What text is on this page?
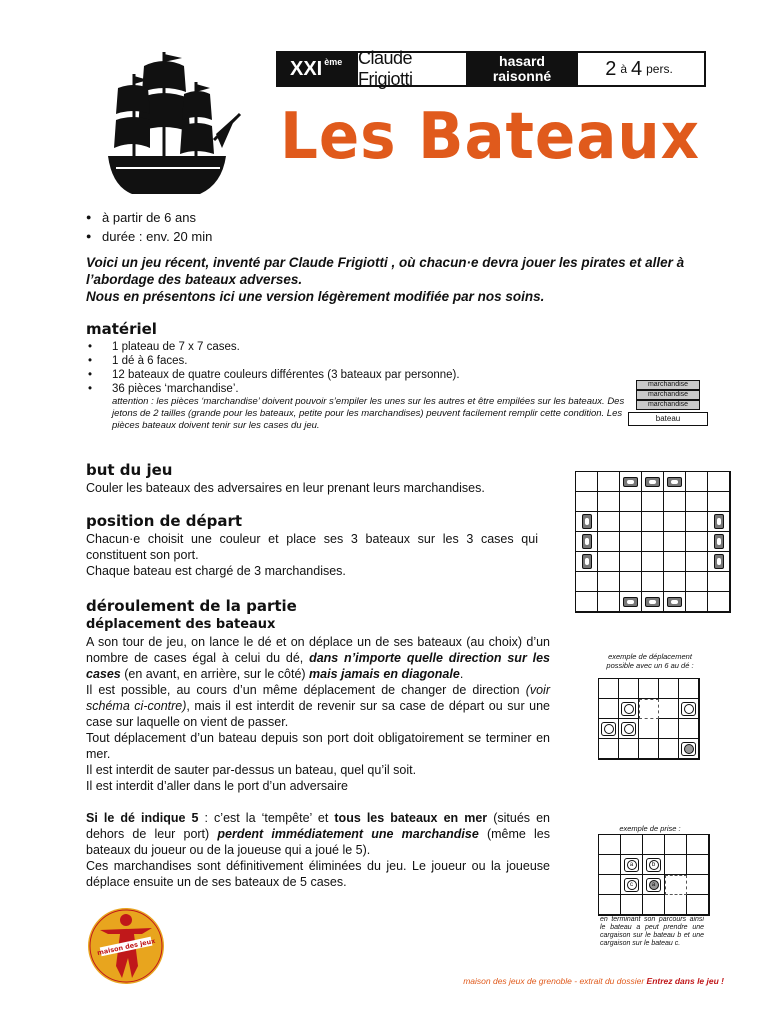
XXIème Claude Frigiotti
hasard
raisonné	2 à 4 pers.
Les Bateaux
● à partir de 6 ans
● durée : env. 20 min
Voici un jeu récent, inventé par Claude Frigiotti , où chacun·e devra jouer les pirates et aller à l’abordage des bateaux adverses.
Nous en présentons ici une version légèrement modifiée par nos soins.
matériel
• 1 plateau de 7 x 7 cases.
• 1 dé à 6 faces.
• 12 bateaux de quatre couleurs différentes (3 bateaux par personne).
• 36 pièces ‘marchandise’.
attention : les pièces ‘marchandise’ doivent pouvoir s’empiler les unes sur les autres et être empilées sur les bateaux. Des jetons de 2 tailles (grande pour les bateaux, petite pour les marchandises) peuvent facilement remplir cette condition. Les pièces bateaux doivent tenir sur les cases du jeu.
marchandise
marchandise
marchandise
bateau
but du jeu
Couler les bateaux des adversaires en leur prenant leurs marchandises.
position de départ
Chacun·e choisit une couleur et place ses 3 bateaux sur les 3 cases qui constituent son port.
Chaque bateau est chargé de 3 marchandises.
déroulement de la partie
déplacement des bateaux
A son tour de jeu, on lance le dé et on déplace un de ses bateaux (au choix) d’un nombre de cases égal à celui du dé, dans n’importe quelle direction sur les cases (en avant, en arrière, sur le côté) mais jamais en diagonale.
Il est possible, au cours d’un même déplacement de changer de direction (voir schéma ci-contre), mais il est interdit de revenir sur sa case de départ ou sur une case sur laquelle on vient de passer.
Tout déplacement d’un bateau depuis son port doit obligatoirement se terminer en mer.
Il est interdit de sauter par-dessus un bateau, quel qu’il soit.
Il est interdit d’aller dans le port d’un adversaire
exemple de déplacement possible avec un 6 au dé :
Si le dé indique 5 : c’est la ‘tempête’ et tous les bateaux en mer (situés en dehors de leur port) perdent immédiatement une marchandise (même les bateaux du joueur ou de la joueuse qui a joué le 5).
Ces marchandises sont définitivement éliminées du jeu. Le joueur ou la joueuse déplace ensuite un de ses bateaux de 5 cases.
exemple de prise :
a	b
c	a
en terminant son parcours ainsi le bateau a peut prendre une cargaison sur le bateau b et une cargaison sur le bateau c.
maison des jeux
maison des jeux de grenoble - extrait du dossier Entrez dans le jeu !
